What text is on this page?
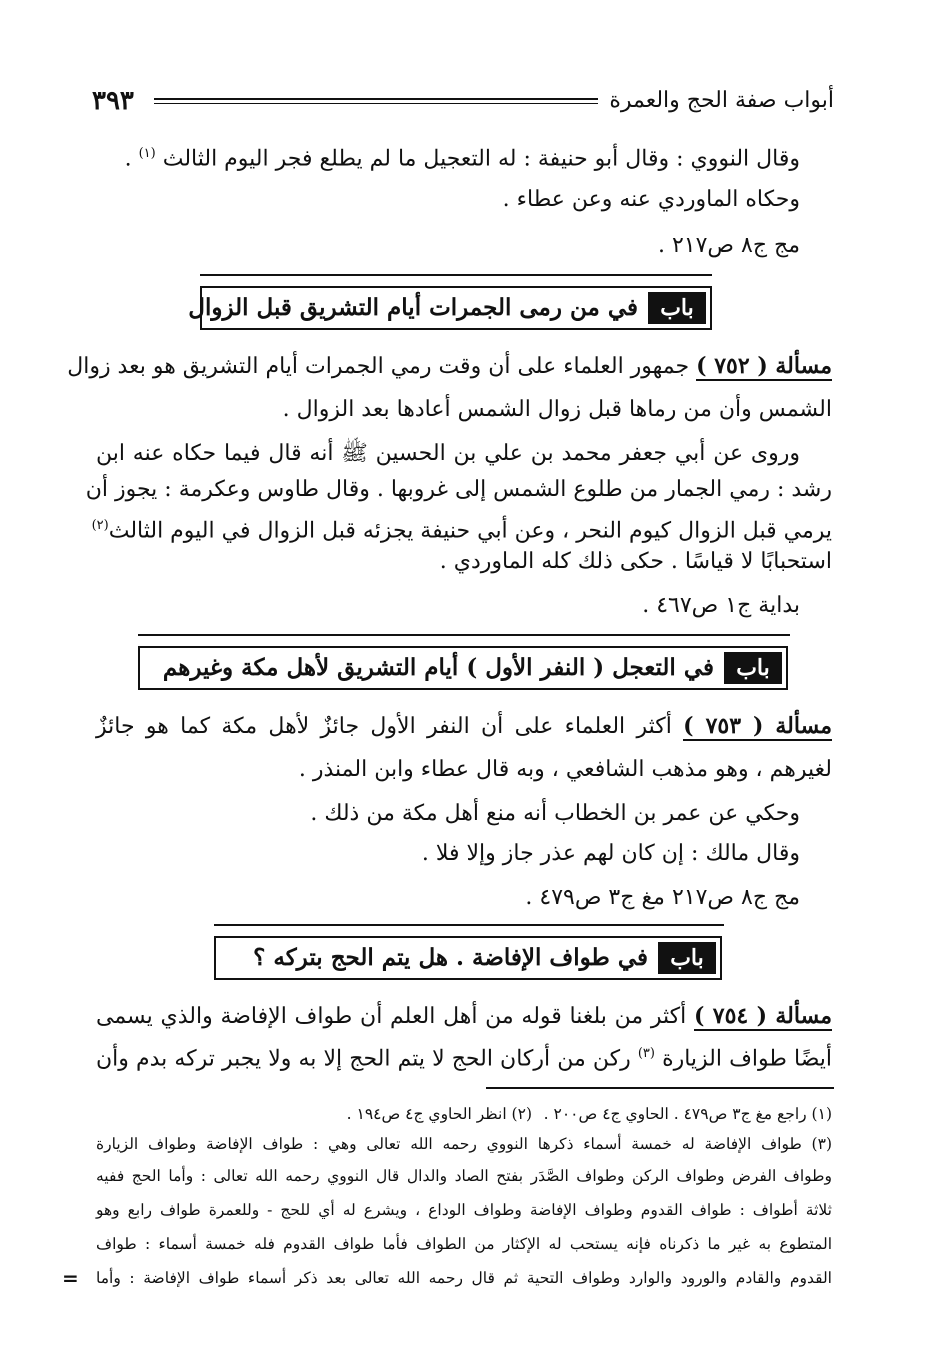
أبواب صفة الحج والعمرة
٣٩٣
وقال النووي : وقال أبو حنيفة : له التعجيل ما لم يطلع فجر اليوم الثالث $^{(١)}$ .
وحكاه الماوردي عنه وعن عطاء .
مج ج٨ ص٢١٧ .
باب
في من رمى الجمرات أيام التشريق قبل الزوال
مسألة ( ٧٥٢ ) جمهور العلماء على أن وقت رمي الجمرات أيام التشريق هو بعد زوال
الشمس وأن من رماها قبل زوال الشمس أعادها بعد الزوال .
وروى عن أبي جعفر محمد بن علي بن الحسين ﷺ أنه قال فيما حكاه عنه ابن
رشد : رمي الجمار من طلوع الشمس إلى غروبها . وقال طاوس وعكرمة : يجوز أن
يرمي قبل الزوال كيوم النحر ، وعن أبي حنيفة يجزئه قبل الزوال في اليوم الثالث$^{(٢)}$
استحبابًا لا قياسًا . حكى ذلك كله الماوردي .
بداية ج١ ص٤٦٧ .
باب
في التعجل ( النفر الأول ) أيام التشريق لأهل مكة وغيرهم
مسألة ( ٧٥٣ ) أكثر العلماء على أن النفر الأول جائزٌ لأهل مكة كما هو جائزٌ
لغيرهم ، وهو مذهب الشافعي ، وبه قال عطاء وابن المنذر .
وحكي عن عمر بن الخطاب أنه منع أهل مكة من ذلك .
وقال مالك : إن كان لهم عذر جاز وإلا فلا .
مج ج٨ ص٢١٧ مغ ج٣ ص٤٧٩ .
باب
في طواف الإفاضة . هل يتم الحج بتركه ؟
مسألة ( ٧٥٤ ) أكثر من بلغنا قوله من أهل العلم أن طواف الإفاضة والذي يسمى
أيضًا طواف الزيارة $^{(٣)}$ ركن من أركان الحج لا يتم الحج إلا به ولا يجبر تركه بدم وأن
(١) راجع مغ ج٣ ص٤٧٩ . الحاوي ج٤ ص٢٠٠ .(٢) انظر الحاوي ج٤ ص١٩٤ .
(٣) طواف الإفاضة له خمسة أسماء ذكرها النووي رحمه الله تعالى وهي : طواف الإفاضة وطواف الزيارة
وطواف الفرض وطواف الركن وطواف الصَّدَر بفتح الصاد والدال قال النووي رحمه الله تعالى : وأما الحج ففيه
ثلاثة أطواف : طواف القدوم وطواف الإفاضة وطواف الوداع ، ويشرع له أي للحج - وللعمرة طواف رابع وهو
المتطوع به غير ما ذكرناه فإنه يستحب له الإكثار من الطواف فأما طواف القدوم فله خمسة أسماء : طواف
القدوم والقادم والورود والوارد وطواف التحية ثم قال رحمه الله تعالى بعد ذكر أسماء طواف الإفاضة : وأما
=
